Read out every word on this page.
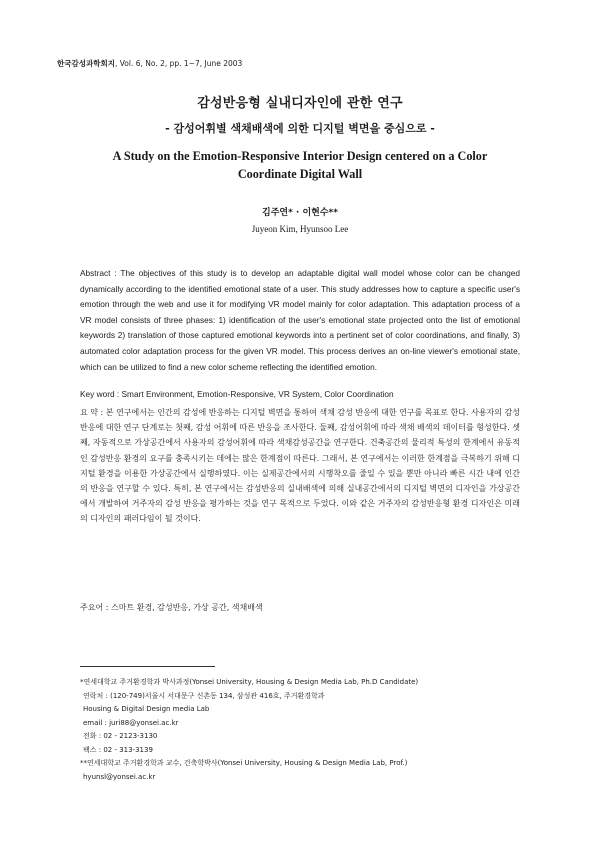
한국감성과학회지, Vol. 6, No. 2, pp. 1~7, June 2003
감성반응형 실내디자인에 관한 연구
- 감성어휘별 색채배색에 의한 디지털 벽면을 중심으로 -
A Study on the Emotion-Responsive Interior Design centered on a Color Coordinate Digital Wall
김주연* · 이현수**
Juyeon Kim, Hyunsoo Lee
Abstract : The objectives of this study is to develop an adaptable digital wall model whose color can be changed dynamically according to the identified emotional state of a user. This study addresses how to capture a specific user's emotion through the web and use it for modifying VR model mainly for color adaptation. This adaptation process of a VR model consists of three phases: 1) identification of the user's emotional state projected onto the list of emotional keywords 2) translation of those captured emotional keywords into a pertinent set of color coordinations, and finally, 3) automated color adaptation process for the given VR model. This process derives an on-line viewer's emotional state, which can be utilized to find a new color scheme reflecting the identified emotion.
Key word : Smart Environment, Emotion-Responsive, VR System, Color Coordination
요 약 : 본 연구에서는 인간의 감성에 반응하는 디지털 벽면을 통하여 색채 감성 반응에 대한 연구를 목표로 한다. 사용자의 감성 반응에 대한 연구 단계로는 첫째, 감성 어휘에 따른 반응을 조사한다. 둘째, 감성어휘에 따라 색채 배색의 데이터를 형성한다. 셋째, 자동적으로 가상공간에서 사용자의 감성어휘에 따라 색채감성공간을 연구한다. 건축공간의 물리적 특성의 한계에서 유동적인 감성반응 환경의 요구를 충족시키는 데에는 많은 한계점이 따른다. 그래서, 본 연구에서는 이러한 한계점을 극복하기 위해 디지털 환경을 이용한 가상공간에서 실행하였다. 이는 실제공간에서의 시행착오를 줄일 수 있을 뿐만 아니라 빠른 시간 내에 인간의 반응을 연구할 수 있다. 특히, 본 연구에서는 감성반응의 실내배색에 의해 실내공간에서의 디지털 벽면의 디자인을 가상공간에서 개발하여 거주자의 감성 반응을 평가하는 것을 연구 목적으로 두었다. 이와 같은 거주자의 감성반응형 환경 디자인은 미래의 디자인의 패러다임이 될 것이다.
주요어 : 스마트 환경, 감성반응, 가상 공간, 색채배색
*연세대학교 주거환경학과 박사과정(Yonsei University, Housing & Design Media Lab, Ph.D Candidate)
연락처 : (120-749)서울시 서대문구 신촌동 134, 삼성관 416호, 주거환경학과
Housing & Digital Design media Lab
email : juri88@yonsei.ac.kr
전화 : 02 - 2123-3130
팩스 : 02 - 313-3139
**연세대학교 주거환경학과 교수, 건축학박사(Yonsei University, Housing & Design Media Lab, Prof.)
hyunsl@yonsei.ac.kr
